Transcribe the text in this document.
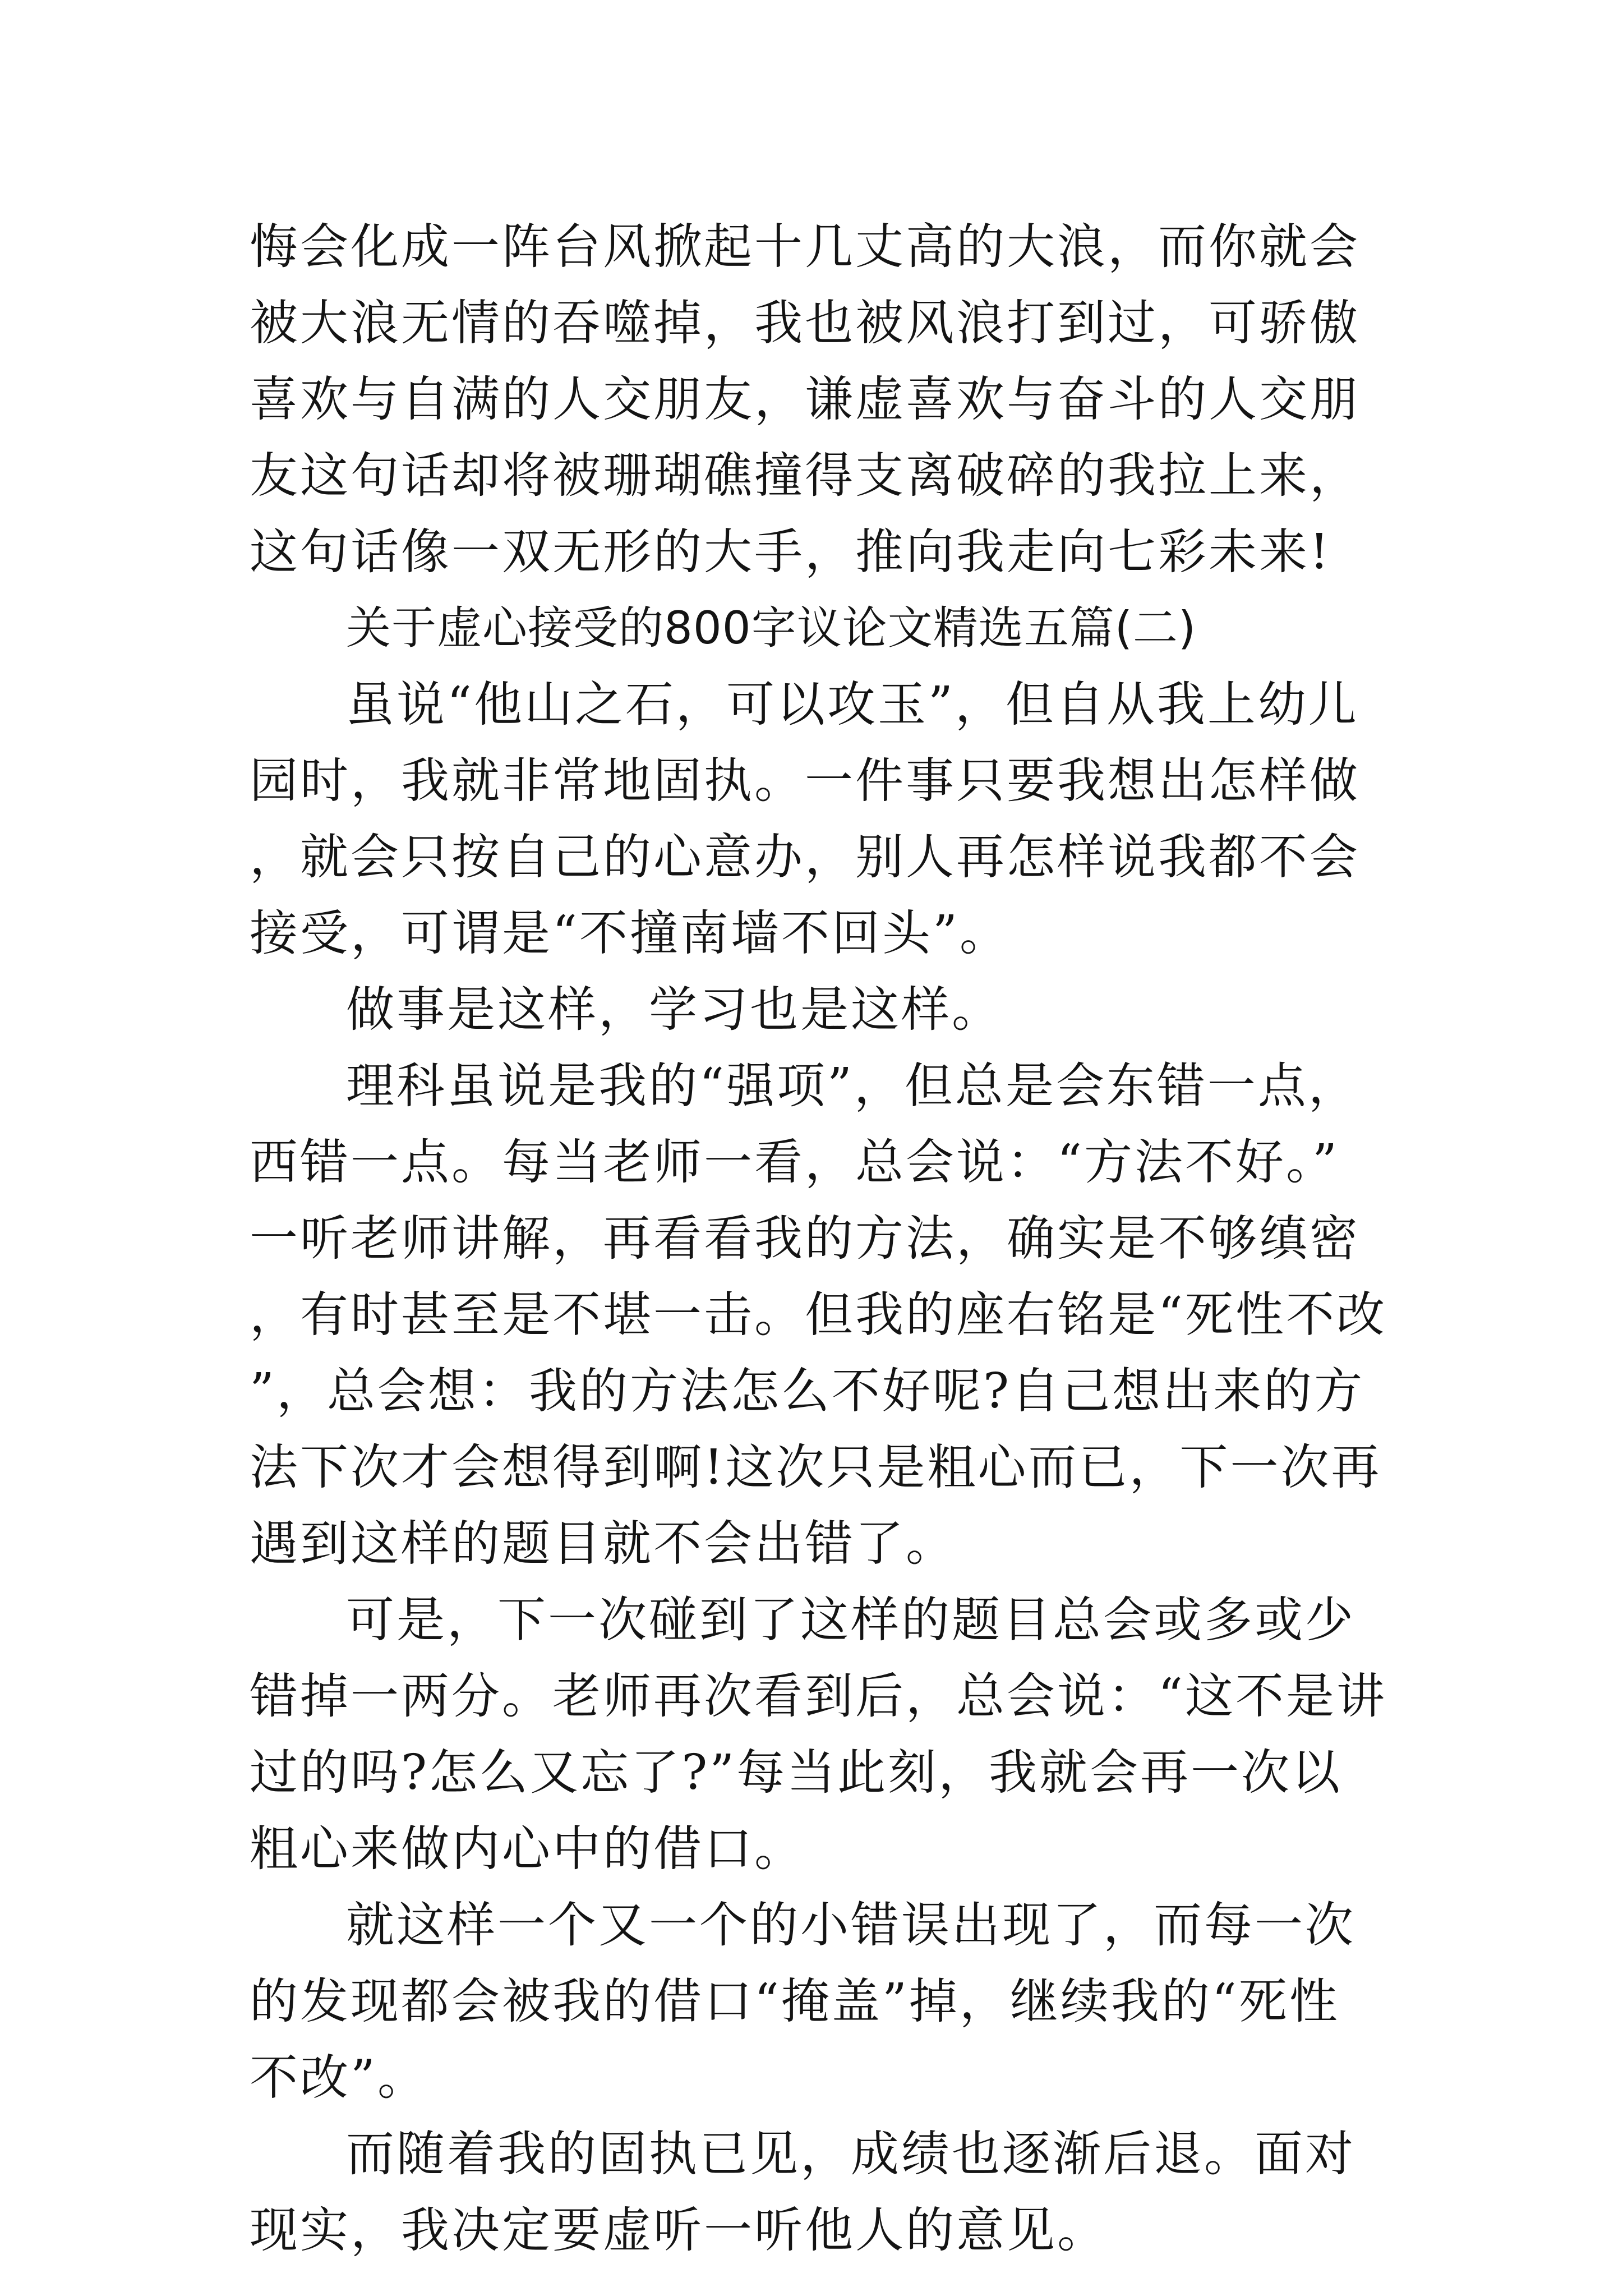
悔会化成一阵台风掀起十几丈高的大浪，而你就会被大浪无情的吞噬掉，我也被风浪打到过，可骄傲喜欢与自满的人交朋友，谦虚喜欢与奋斗的人交朋友这句话却将被珊瑚礁撞得支离破碎的我拉上来，这句话像一双无形的大手，推向我走向七彩未来!

关于虚心接受的800字议论文精选五篇(二)

虽说“他山之石，可以攻玉”，但自从我上幼儿园时，我就非常地固执。一件事只要我想出怎样做，就会只按自己的心意办，别人再怎样说我都不会接受，可谓是“不撞南墙不回头”。

做事是这样，学习也是这样。

理科虽说是我的“强项”，但总是会东错一点，西错一点。每当老师一看，总会说：“方法不好。”一听老师讲解，再看看我的方法，确实是不够缜密，有时甚至是不堪一击。但我的座右铭是“死性不改”，总会想：我的方法怎么不好呢?自己想出来的方法下次才会想得到啊!这次只是粗心而已，下一次再遇到这样的题目就不会出错了。

可是，下一次碰到了这样的题目总会或多或少错掉一两分。老师再次看到后，总会说：“这不是讲过的吗?怎么又忘了?”每当此刻，我就会再一次以粗心来做内心中的借口。

就这样一个又一个的小错误出现了，而每一次的发现都会被我的借口“掩盖”掉，继续我的“死性不改”。

而随着我的固执已见，成绩也逐渐后退。面对现实，我决定要虚听一听他人的意见。
